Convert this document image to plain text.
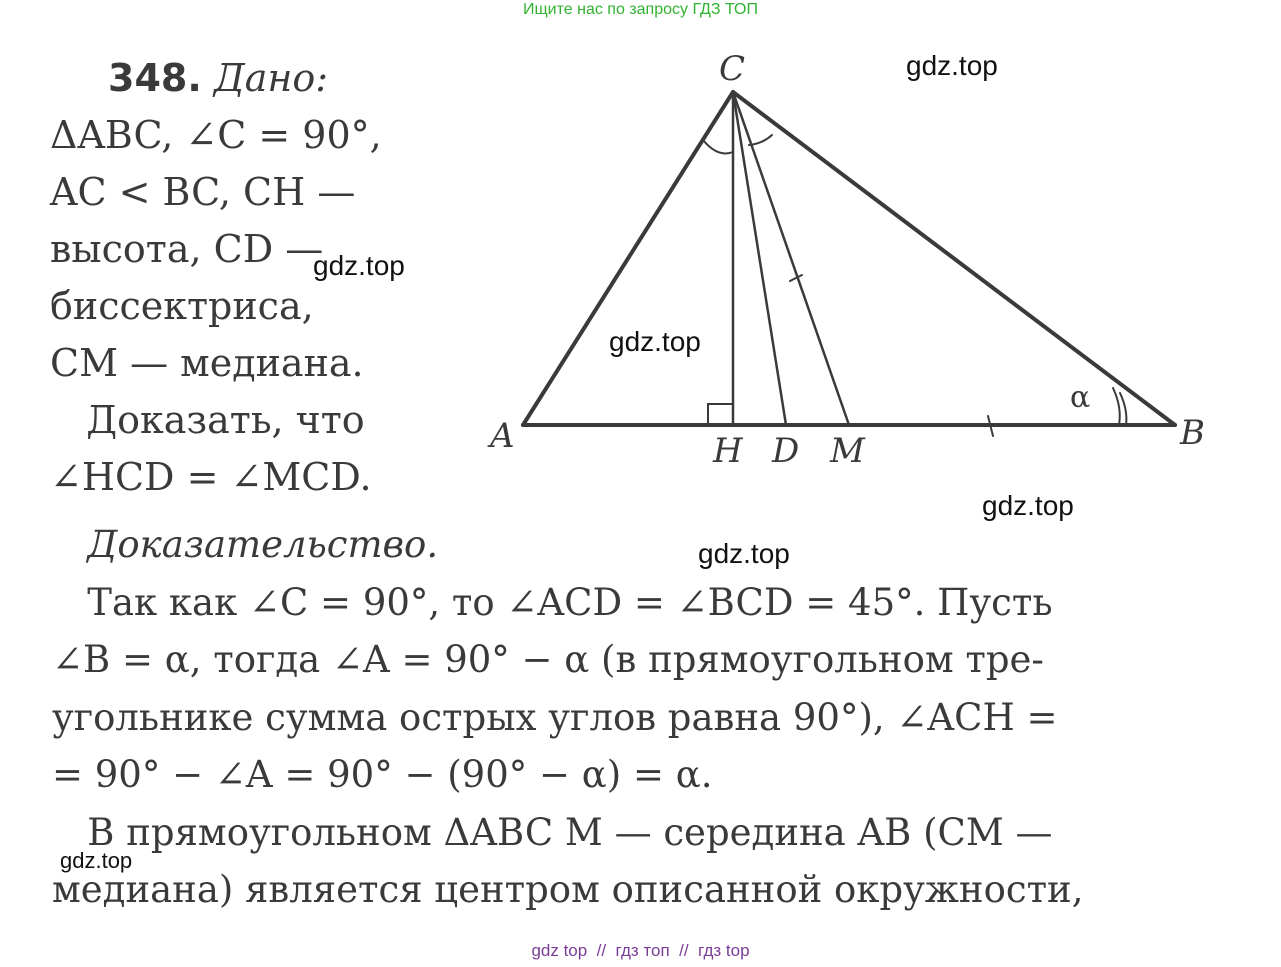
Ищите нас по запросу ГДЗ ТОП
348. Дано:
ΔABC, ∠C = 90°,
AC < BC, CH —
высота, CD —
биссектриса,
CM — медиана.
Доказать, что
∠HCD = ∠MCD.
C
A	B
H D M
α
Доказательство.
Так как ∠C = 90°, то ∠ACD = ∠BCD = 45°. Пусть
∠B = α, тогда ∠A = 90° − α (в прямоугольном тре-
угольнике сумма острых углов равна 90°), ∠ACH =
= 90° − ∠A = 90° − (90° − α) = α.
В прямоугольном ΔABC M — середина AB (CM —
медиана) является центром описанной окружности,
gdz.top
gdz.top
gdz.top
gdz.top
gdz.top
gdz.top
gdz top  //  гдз топ  //  гдз top
